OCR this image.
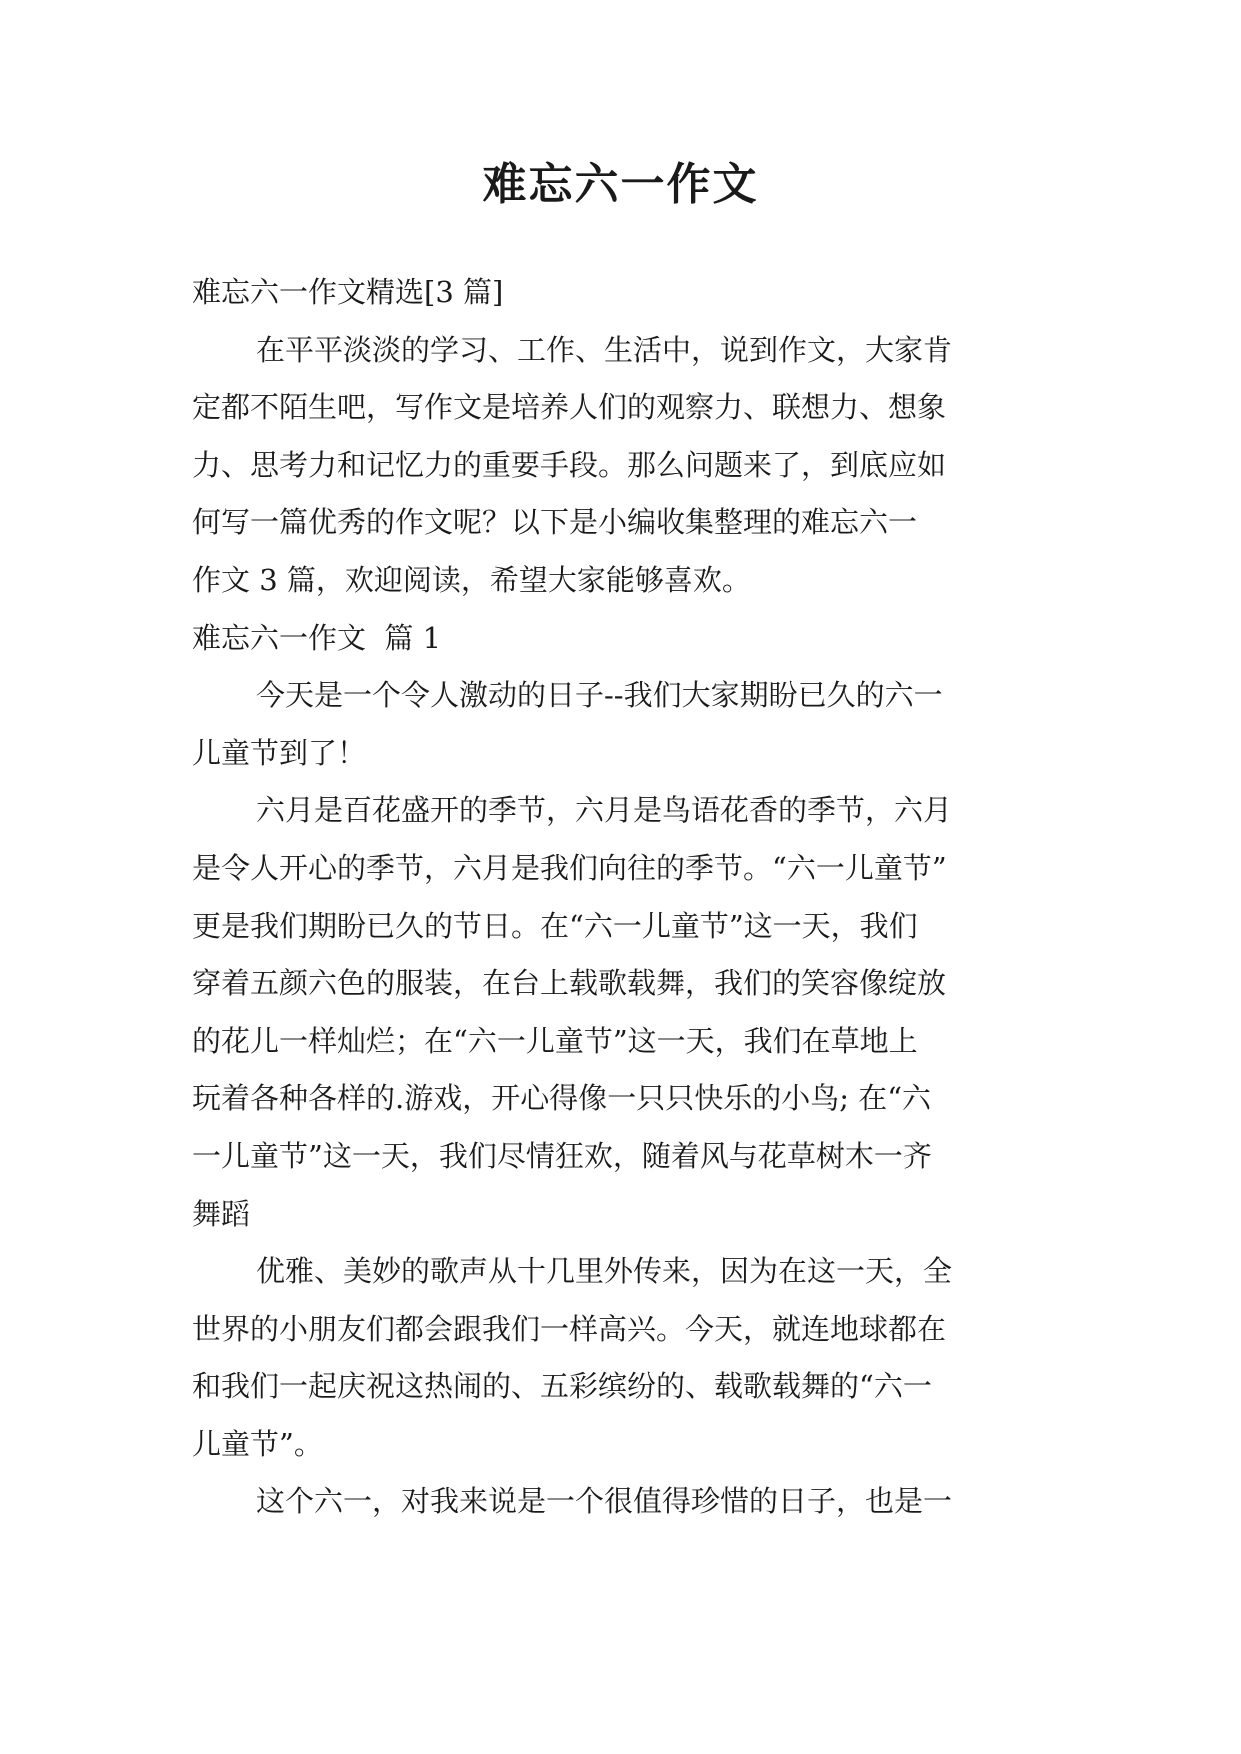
难忘六一作文
难忘六一作文精选[3 篇]
在平平淡淡的学习、工作、生活中，说到作文，大家肯
定都不陌生吧，写作文是培养人们的观察力、联想力、想象
力、思考力和记忆力的重要手段。那么问题来了，到底应如
何写一篇优秀的作文呢？以下是小编收集整理的难忘六一
作文 3 篇，欢迎阅读，希望大家能够喜欢。
难忘六一作文  篇 1
今天是一个令人激动的日子--我们大家期盼已久的六一
儿童节到了！
六月是百花盛开的季节，六月是鸟语花香的季节，六月
是令人开心的季节，六月是我们向往的季节。“六一儿童节”
更是我们期盼已久的节日。在“六一儿童节”这一天，我们
穿着五颜六色的服装，在台上载歌载舞，我们的笑容像绽放
的花儿一样灿烂；在“六一儿童节”这一天，我们在草地上
玩着各种各样的.游戏，开心得像一只只快乐的小鸟; 在“六
一儿童节”这一天，我们尽情狂欢，随着风与花草树木一齐
舞蹈
优雅、美妙的歌声从十几里外传来，因为在这一天，全
世界的小朋友们都会跟我们一样高兴。今天，就连地球都在
和我们一起庆祝这热闹的、五彩缤纷的、载歌载舞的“六一
儿童节”。
这个六一，对我来说是一个很值得珍惜的日子，也是一
